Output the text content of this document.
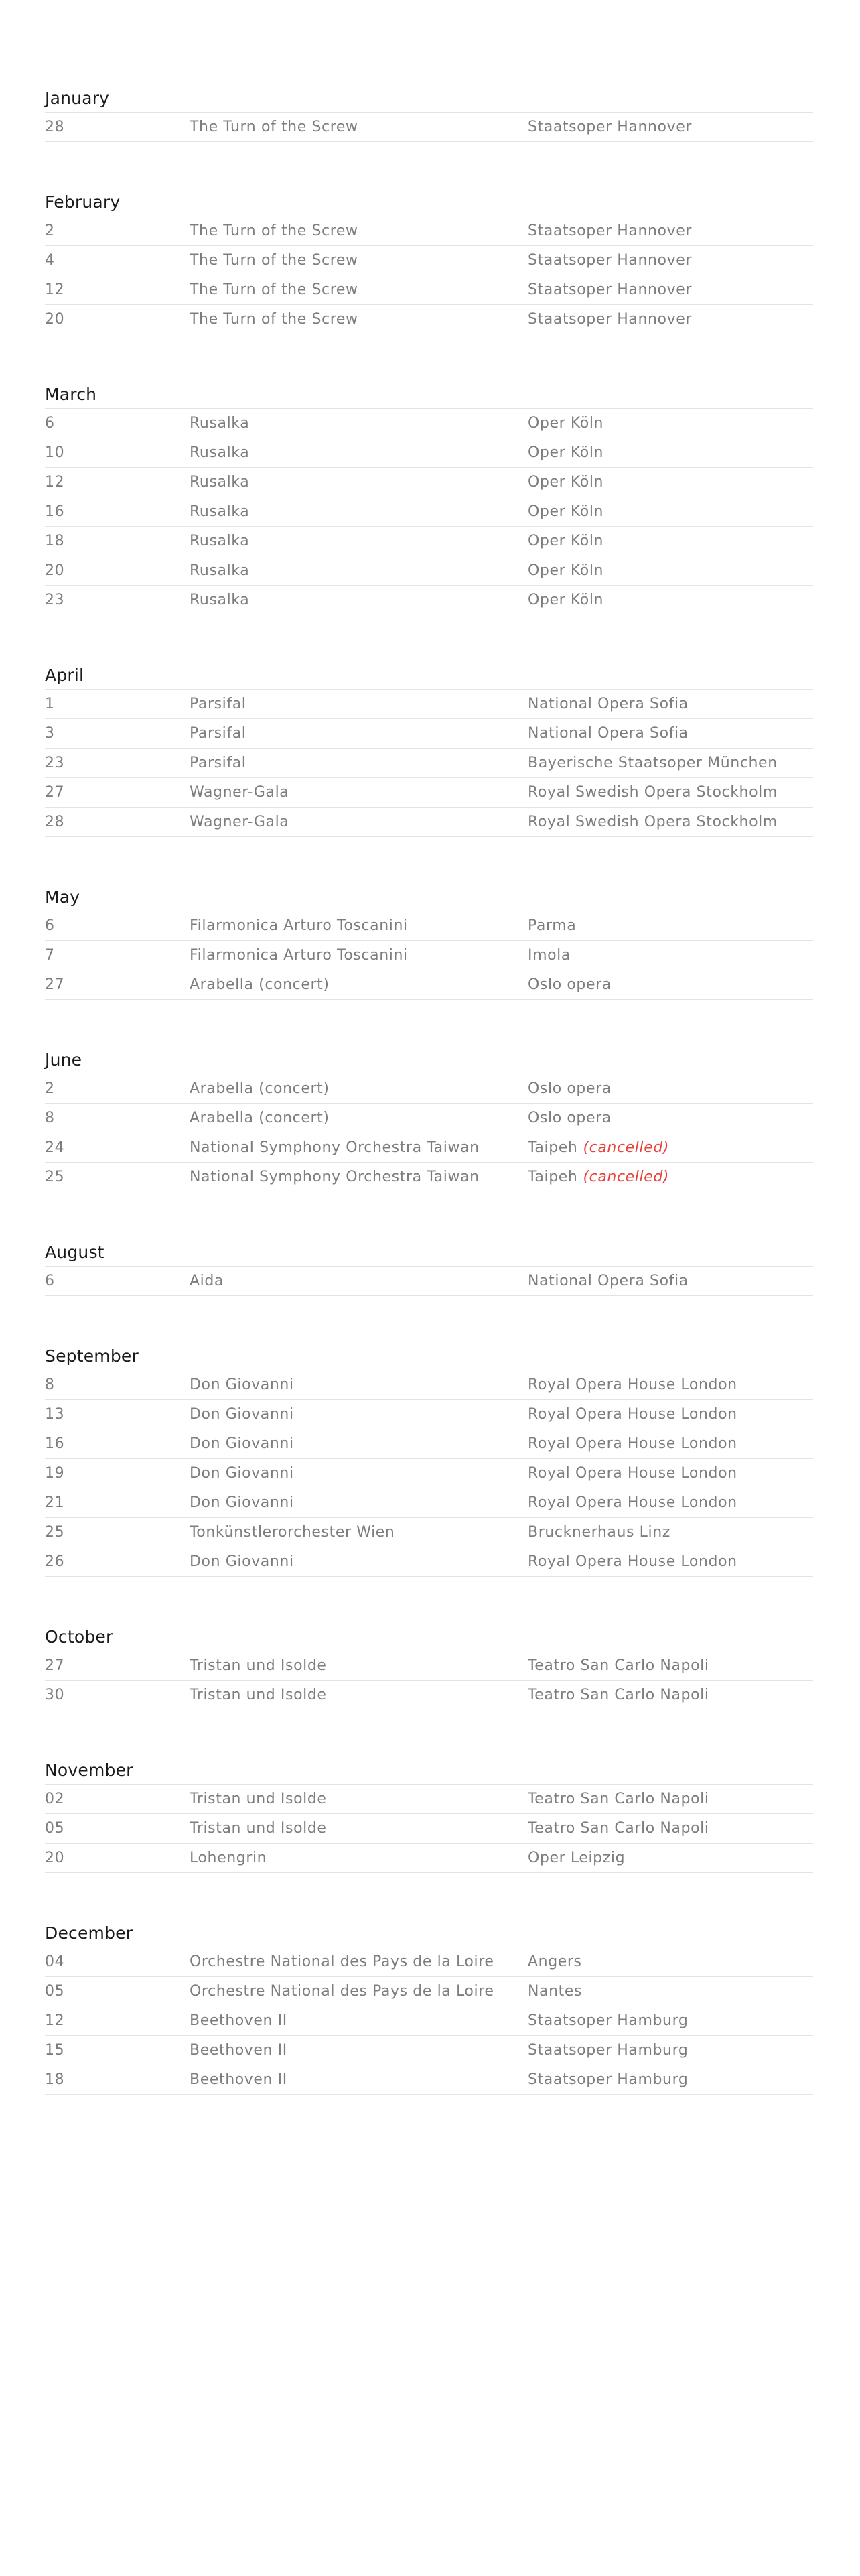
January
28	The Turn of the Screw	Staatsoper Hannover
February
2	The Turn of the Screw	Staatsoper Hannover
4	The Turn of the Screw	Staatsoper Hannover
12	The Turn of the Screw	Staatsoper Hannover
20	The Turn of the Screw	Staatsoper Hannover
March
6	Rusalka	Oper Köln
10	Rusalka	Oper Köln
12	Rusalka	Oper Köln
16	Rusalka	Oper Köln
18	Rusalka	Oper Köln
20	Rusalka	Oper Köln
23	Rusalka	Oper Köln
April
1	Parsifal	National Opera Sofia
3	Parsifal	National Opera Sofia
23	Parsifal	Bayerische Staatsoper München
27	Wagner-Gala	Royal Swedish Opera Stockholm
28	Wagner-Gala	Royal Swedish Opera Stockholm
May
6	Filarmonica Arturo Toscanini	Parma
7	Filarmonica Arturo Toscanini	Imola
27	Arabella (concert)	Oslo opera
June
2	Arabella (concert)	Oslo opera
8	Arabella (concert)	Oslo opera
24	National Symphony Orchestra Taiwan	Taipeh (cancelled)
25	National Symphony Orchestra Taiwan	Taipeh (cancelled)
August
6	Aida	National Opera Sofia
September
8	Don Giovanni	Royal Opera House London
13	Don Giovanni	Royal Opera House London
16	Don Giovanni	Royal Opera House London
19	Don Giovanni	Royal Opera House London
21	Don Giovanni	Royal Opera House London
25	Tonkünstlerorchester Wien	Brucknerhaus Linz
26	Don Giovanni	Royal Opera House London
October
27	Tristan und Isolde	Teatro San Carlo Napoli
30	Tristan und Isolde	Teatro San Carlo Napoli
November
02	Tristan und Isolde	Teatro San Carlo Napoli
05	Tristan und Isolde	Teatro San Carlo Napoli
20	Lohengrin	Oper Leipzig
December
04	Orchestre National des Pays de la Loire	Angers
05	Orchestre National des Pays de la Loire	Nantes
12	Beethoven II	Staatsoper Hamburg
15	Beethoven II	Staatsoper Hamburg
18	Beethoven II	Staatsoper Hamburg
